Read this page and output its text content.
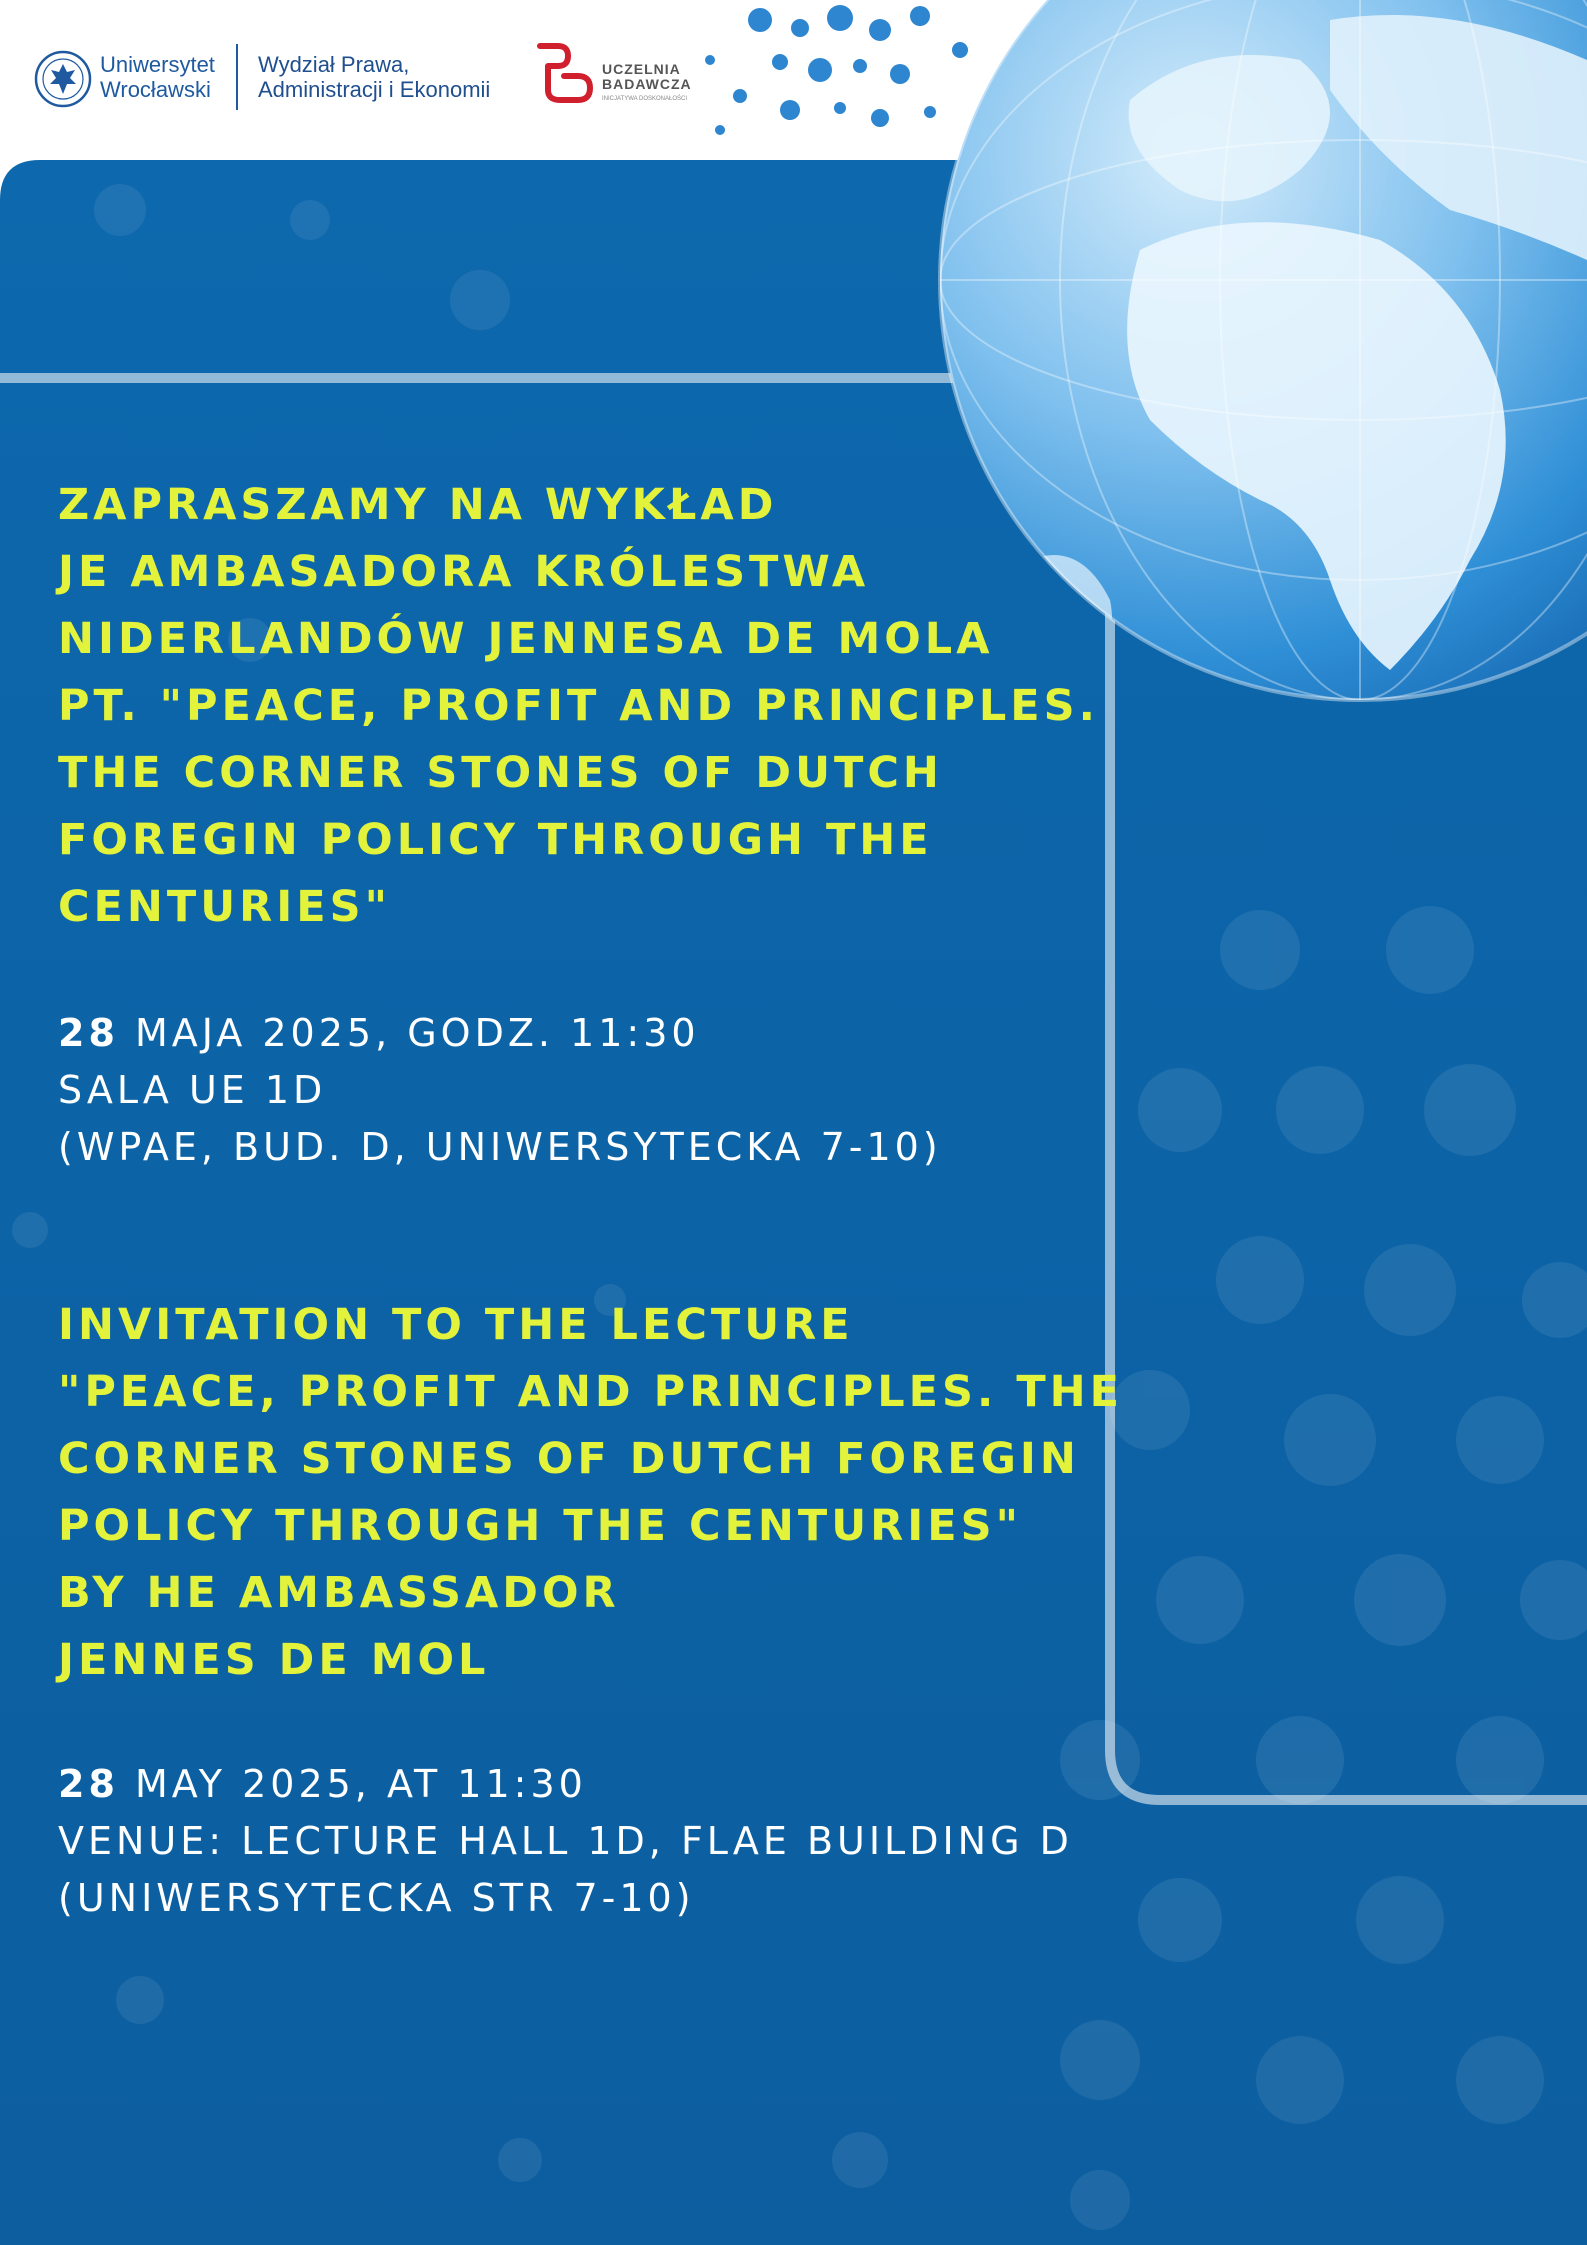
Uniwersytet
Wrocławski
Wydział Prawa,
Administracji i Ekonomii
UCZELNIA
BADAWCZA
INICJATYWA DOSKONAŁOŚCI
ZAPRASZAMY NA WYKŁAD
JE AMBASADORA KRÓLESTWA
NIDERLANDÓW JENNESA DE MOLA
PT. "PEACE, PROFIT AND PRINCIPLES.
THE CORNER STONES OF DUTCH
FOREGIN POLICY THROUGH THE
CENTURIES"
28 MAJA 2025, GODZ. 11:30
SALA UE 1D
(WPAE, BUD. D, UNIWERSYTECKA 7-10)
INVITATION TO THE LECTURE
"PEACE, PROFIT AND PRINCIPLES. THE
CORNER STONES OF DUTCH FOREGIN
POLICY THROUGH THE CENTURIES"
BY HE AMBASSADOR
JENNES DE MOL
28 MAY 2025, AT 11:30
VENUE: LECTURE HALL 1D, FLAE BUILDING D
(UNIWERSYTECKA STR 7-10)
